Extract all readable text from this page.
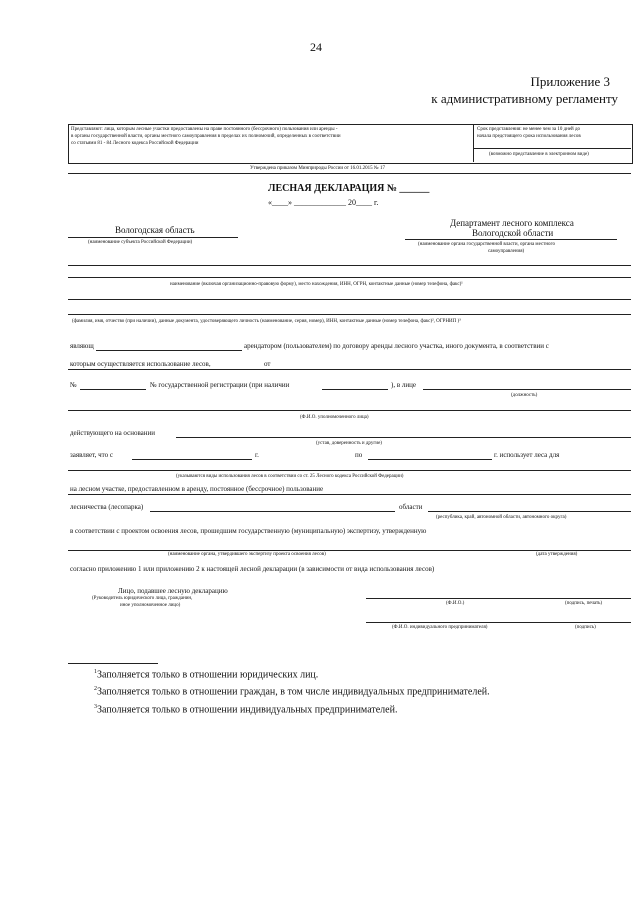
24
Приложение 3
к административному регламенту
Представляют: лица, которым лесные участки предоставлены на праве постоянного (бессрочного) пользования или аренды -
в органы государственной власти, органы местного самоуправления в пределах их полномочий, определенных в соответствии
со статьями 81 - 84 Лесного кодекса Российской Федерации
Срок представления: не менее чем за 10 дней до
начала предстоящего срока использования лесов
(возможно представление в электронном виде)
Утверждена приказом Минприроды России от 16.01.2015 № 17
ЛЕСНАЯ ДЕКЛАРАЦИЯ № ______
«____» _____________ 20____ г.
Вологодская область
(наименование субъекта Российской Федерации)
Департамент лесного комплекса
Вологодской области
(наименование органа государственной власти, органа местного
самоуправления)
наименование (включая организационно-правовую форму), место нахождения, ИНН, ОГРН, контактные данные (номер телефона, факс)¹
(фамилия, имя, отчество (при наличии), данные документа, удостоверяющего личность (наименование, серия, номер), ИНН, контактные данные (номер телефона, факс)², ОГРНИП )³
являющ	арендатором (пользователем) по договору аренды лесного участка, иного документа, в соответствии с
которым осуществляется использование лесов,	от
№	№ государственной регистрации (при наличии	), в лице
(должность)
(Ф.И.О. уполномоченного лица)
действующего на основании
(устав, доверенность и другие)
заявляет, что с	г.	по	г. использует леса для
(указываются виды использования лесов в соответствии со ст. 25 Лесного кодекса Российской Федерации)
на лесном участке, предоставленном в аренду, постоянное (бессрочное) пользование
лесничества (лесопарка)	области
(республика, край, автономной области, автономного округа)
в соответствии с проектом освоения лесов, прошедшим государственную (муниципальную) экспертизу, утвержденную
(наименование органа, утвердившего экспертизу проекта освоения лесов)	(дата утверждения)
согласно приложению 1 или приложению 2 к настоящей лесной декларации (в зависимости от вида использования лесов)
Лицо, подавшее лесную декларацию
(Руководитель юридического лица, гражданин,
иное уполномоченное лицо)	(Ф.И.О.)	(подпись, печать)
(Ф.И.О. индивидуального предпринимателя)	(подпись)
$^1$Заполняется только в отношении юридических лиц.
$^2$Заполняется только в отношении граждан, в том числе индивидуальных предпринимателей.
$^3$Заполняется только в отношении индивидуальных предпринимателей.
